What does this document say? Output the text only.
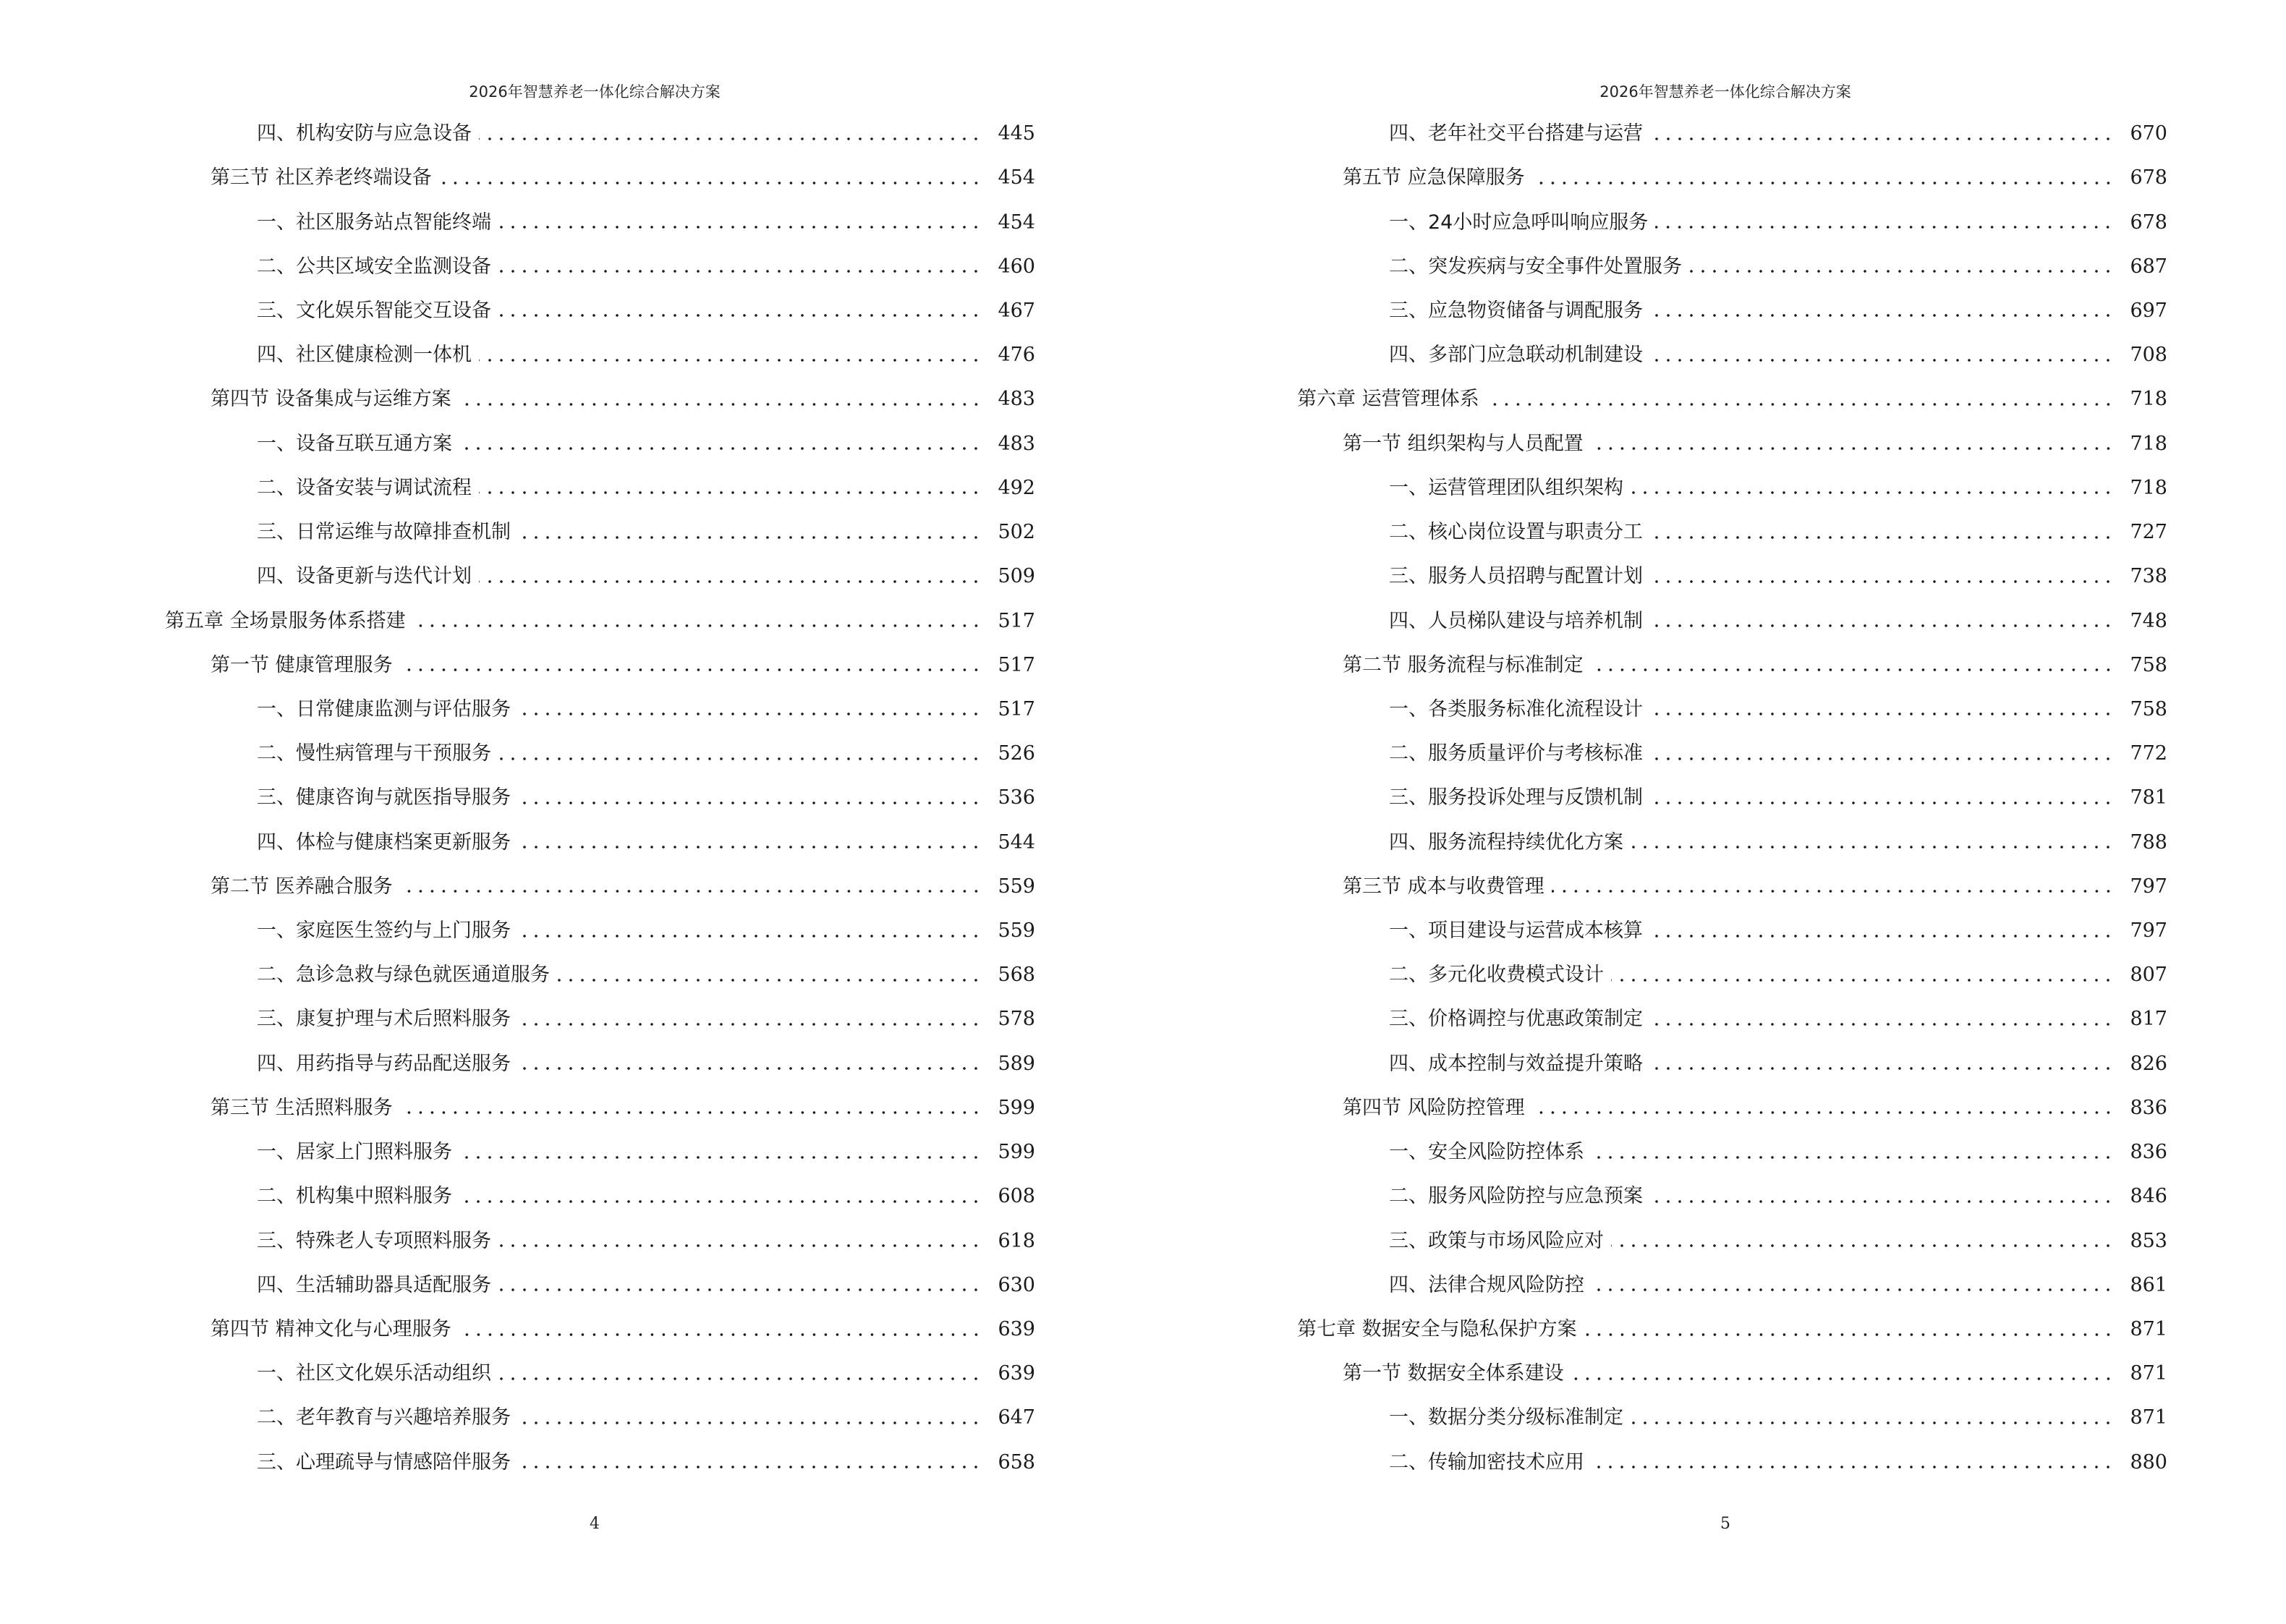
2026年智慧养老一体化综合解决方案
四、机构安防与应急设备	445
第三节 社区养老终端设备	454
一、社区服务站点智能终端	454
二、公共区域安全监测设备	460
三、文化娱乐智能交互设备	467
四、社区健康检测一体机	476
第四节 设备集成与运维方案	483
一、设备互联互通方案	483
二、设备安装与调试流程	492
三、日常运维与故障排查机制	502
四、设备更新与迭代计划	509
第五章 全场景服务体系搭建	517
第一节 健康管理服务	517
一、日常健康监测与评估服务	517
二、慢性病管理与干预服务	526
三、健康咨询与就医指导服务	536
四、体检与健康档案更新服务	544
第二节 医养融合服务	559
一、家庭医生签约与上门服务	559
二、急诊急救与绿色就医通道服务	568
三、康复护理与术后照料服务	578
四、用药指导与药品配送服务	589
第三节 生活照料服务	599
一、居家上门照料服务	599
二、机构集中照料服务	608
三、特殊老人专项照料服务	618
四、生活辅助器具适配服务	630
第四节 精神文化与心理服务	639
一、社区文化娱乐活动组织	639
二、老年教育与兴趣培养服务	647
三、心理疏导与情感陪伴服务	658
4
2026年智慧养老一体化综合解决方案
四、老年社交平台搭建与运营	670
第五节 应急保障服务	678
一、24小时应急呼叫响应服务	678
二、突发疾病与安全事件处置服务	687
三、应急物资储备与调配服务	697
四、多部门应急联动机制建设	708
第六章 运营管理体系	718
第一节 组织架构与人员配置	718
一、运营管理团队组织架构	718
二、核心岗位设置与职责分工	727
三、服务人员招聘与配置计划	738
四、人员梯队建设与培养机制	748
第二节 服务流程与标准制定	758
一、各类服务标准化流程设计	758
二、服务质量评价与考核标准	772
三、服务投诉处理与反馈机制	781
四、服务流程持续优化方案	788
第三节 成本与收费管理	797
一、项目建设与运营成本核算	797
二、多元化收费模式设计	807
三、价格调控与优惠政策制定	817
四、成本控制与效益提升策略	826
第四节 风险防控管理	836
一、安全风险防控体系	836
二、服务风险防控与应急预案	846
三、政策与市场风险应对	853
四、法律合规风险防控	861
第七章 数据安全与隐私保护方案	871
第一节 数据安全体系建设	871
一、数据分类分级标准制定	871
二、传输加密技术应用	880
5
